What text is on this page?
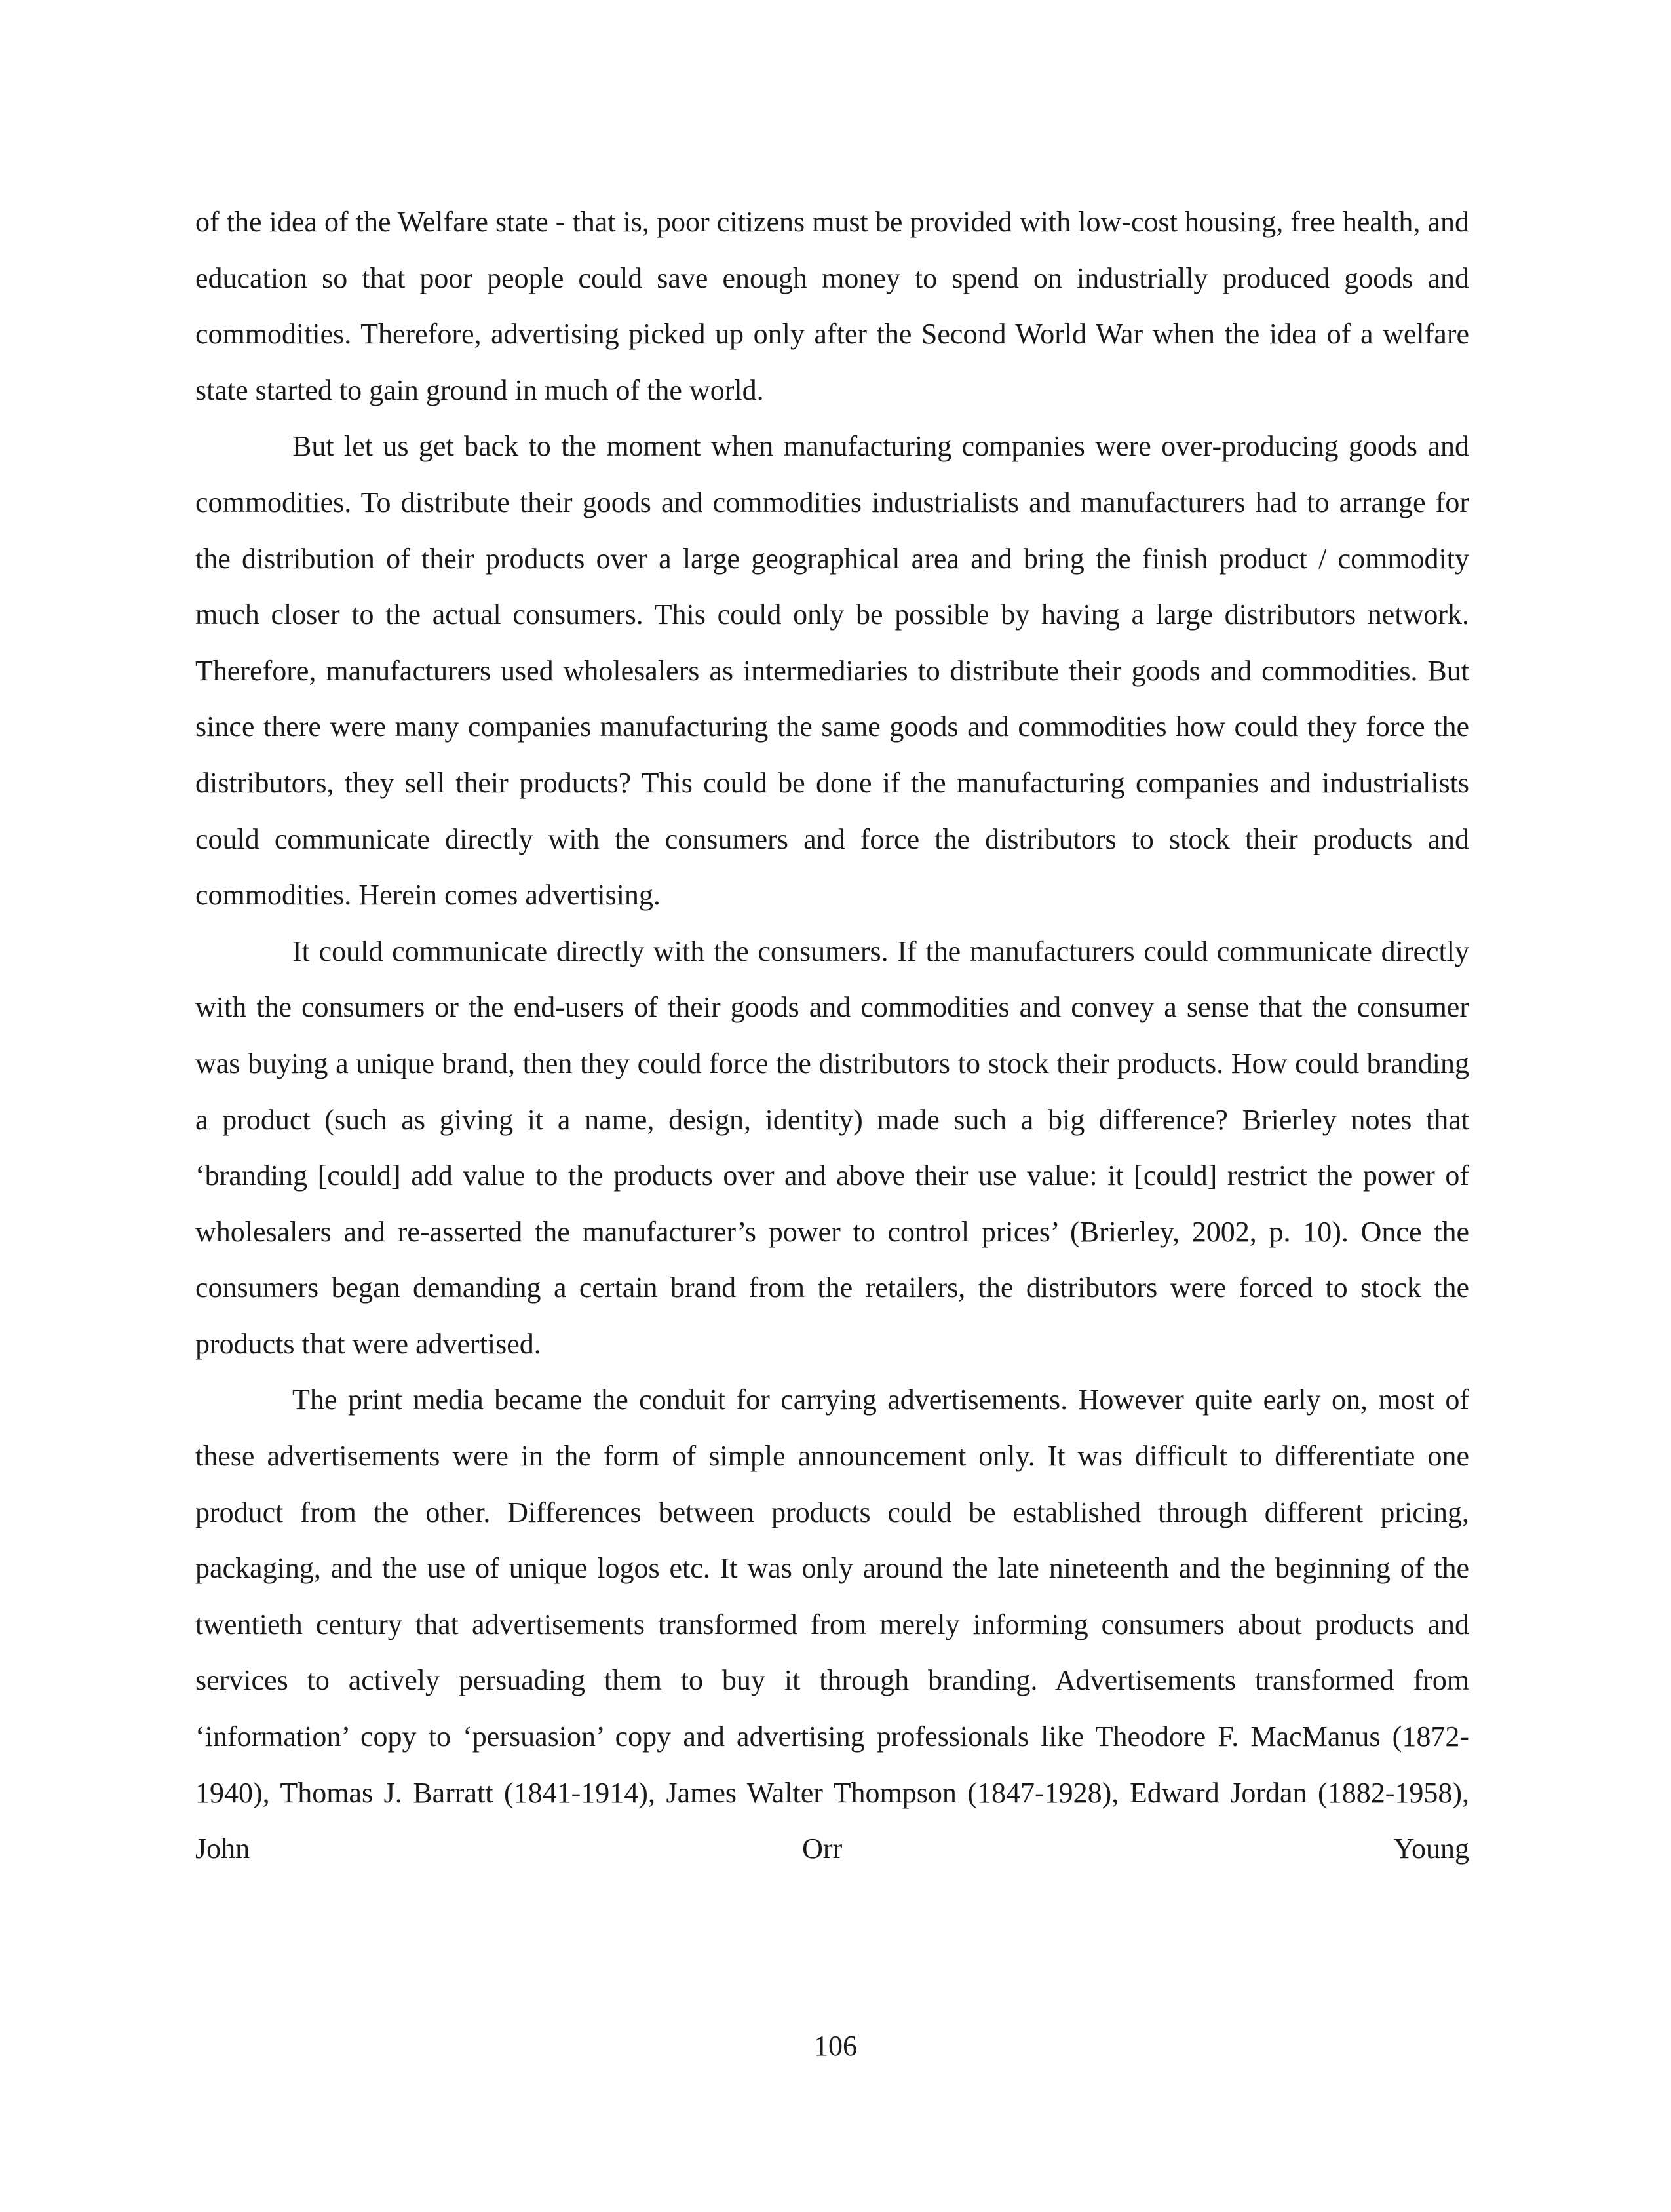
of the idea of the Welfare state - that is, poor citizens must be provided with low-cost housing, free health, and education so that poor people could save enough money to spend on industrially produced goods and commodities. Therefore, advertising picked up only after the Second World War when the idea of a welfare state started to gain ground in much of the world.

But let us get back to the moment when manufacturing companies were over-producing goods and commodities. To distribute their goods and commodities industrialists and manufacturers had to arrange for the distribution of their products over a large geographical area and bring the finish product / commodity much closer to the actual consumers. This could only be possible by having a large distributors network. Therefore, manufacturers used wholesalers as intermediaries to distribute their goods and commodities. But since there were many companies manufacturing the same goods and commodities how could they force the distributors, they sell their products? This could be done if the manufacturing companies and industrialists could communicate directly with the consumers and force the distributors to stock their products and commodities. Herein comes advertising.

It could communicate directly with the consumers. If the manufacturers could communicate directly with the consumers or the end-users of their goods and commodities and convey a sense that the consumer was buying a unique brand, then they could force the distributors to stock their products. How could branding a product (such as giving it a name, design, identity) made such a big difference? Brierley notes that ‘branding [could] add value to the products over and above their use value: it [could] restrict the power of wholesalers and re-asserted the manufacturer’s power to control prices’ (Brierley, 2002, p. 10). Once the consumers began demanding a certain brand from the retailers, the distributors were forced to stock the products that were advertised.

The print media became the conduit for carrying advertisements. However quite early on, most of these advertisements were in the form of simple announcement only. It was difficult to differentiate one product from the other. Differences between products could be established through different pricing, packaging, and the use of unique logos etc. It was only around the late nineteenth and the beginning of the twentieth century that advertisements transformed from merely informing consumers about products and services to actively persuading them to buy it through branding. Advertisements transformed from ‘information’ copy to ‘persuasion’ copy and advertising professionals like Theodore F. MacManus (1872-1940), Thomas J. Barratt (1841-1914), James Walter Thompson (1847-1928), Edward Jordan (1882-1958), John Orr Young

106
